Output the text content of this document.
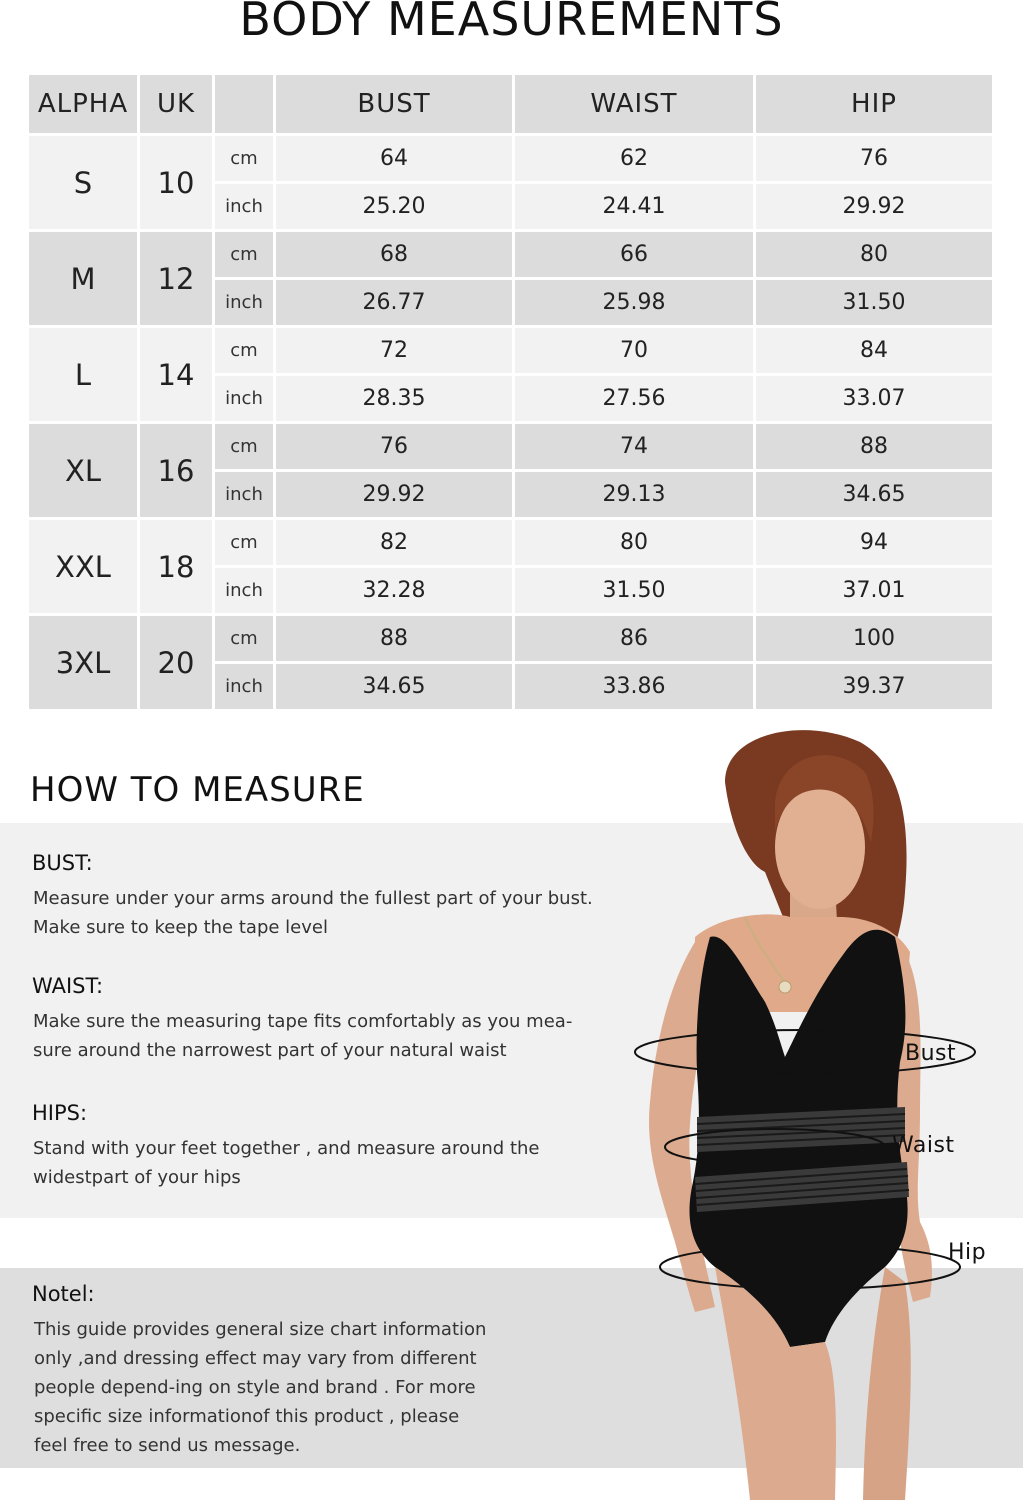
BODY MEASUREMENTS
ALPHA	UK		BUST	WAIST	HIP
S	10	cm	64	62	76
		inch	25.20	24.41	29.92
M	12	cm	68	66	80
		inch	26.77	25.98	31.50
L	14	cm	72	70	84
		inch	28.35	27.56	33.07
XL	16	cm	76	74	88
		inch	29.92	29.13	34.65
XXL	18	cm	82	80	94
		inch	32.28	31.50	37.01
3XL	20	cm	88	86	100
		inch	34.65	33.86	39.37
HOW TO MEASURE
BUST:
Measure under your arms around the fullest part of your bust.
Make sure to keep the tape level
WAIST:
Make sure the measuring tape fits comfortably as you mea-
sure around the narrowest part of your natural waist
HIPS:
Stand with your feet together , and measure around the
widestpart of your hips
Notel:
This guide provides general size chart information
only ,and dressing effect may vary from different
people depend-ing on style and brand . For more
specific size informationof this product , please
feel free to send us message.
Bust
Waist
Hip
